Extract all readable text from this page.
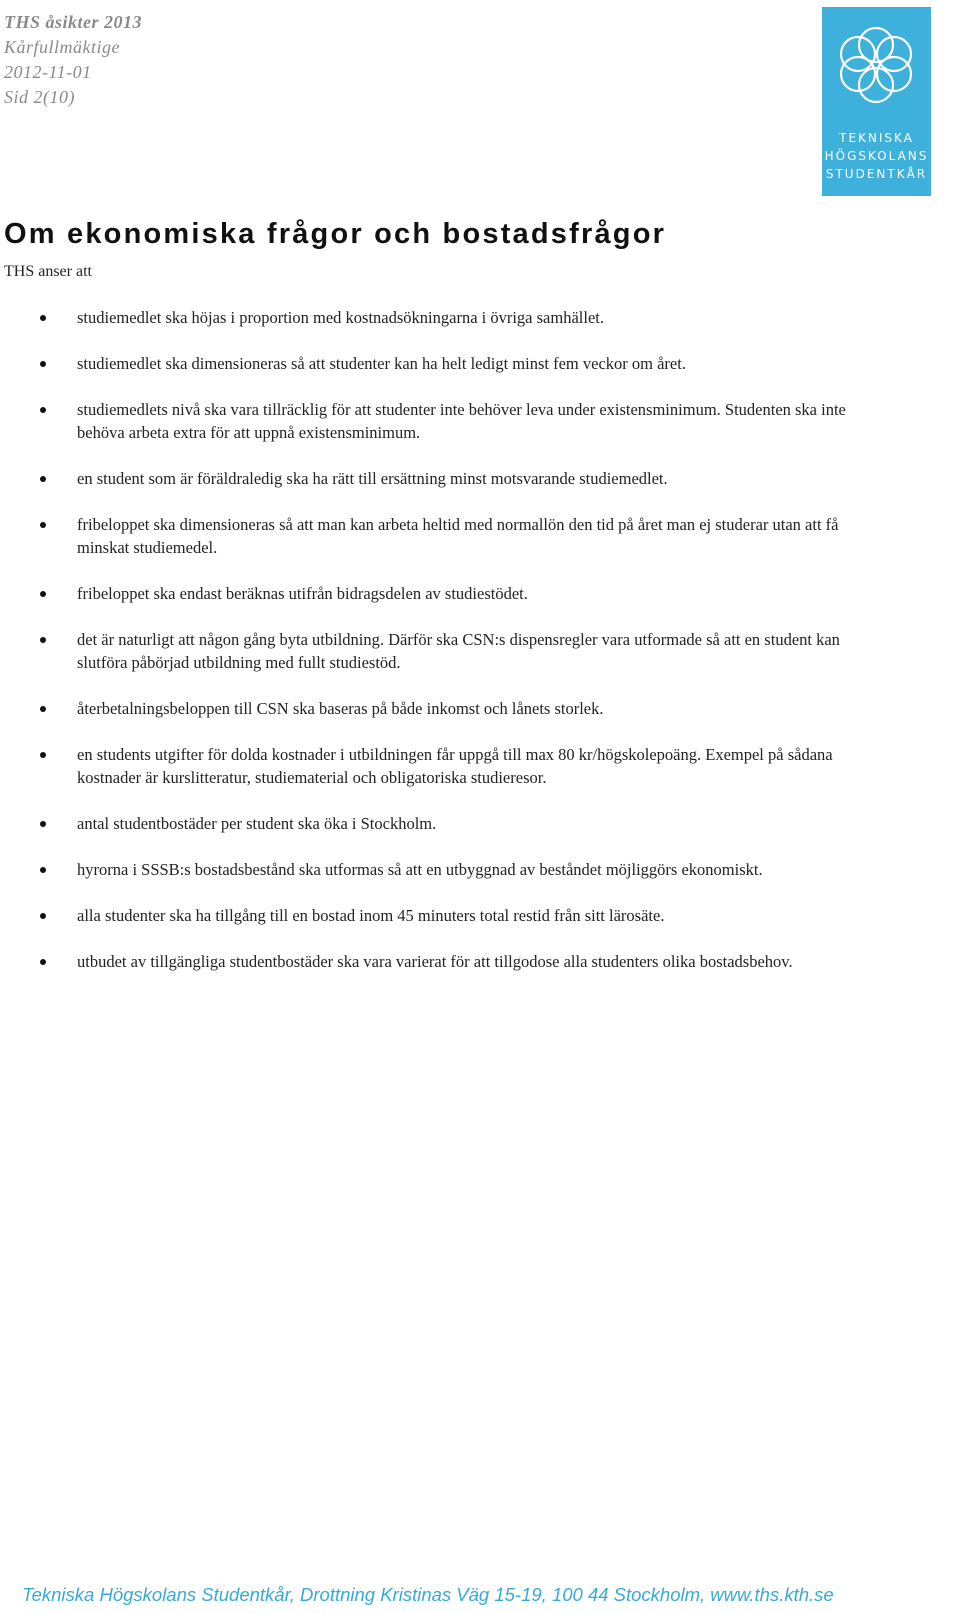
THS åsikter 2013
Kårfullmäktige
2012-11-01
Sid 2(10)
TEKNISKA
HÖGSKOLANS
STUDENTKÅR
Om ekonomiska frågor och bostadsfrågor
THS anser att
studiemedlet ska höjas i proportion med kostnadsökningarna i övriga samhället.
studiemedlet ska dimensioneras så att studenter kan ha helt ledigt minst fem veckor om året.
studiemedlets nivå ska vara tillräcklig för att studenter inte behöver leva under existensminimum. Studenten ska inte behöva arbeta extra för att uppnå existensminimum.
en student som är föräldraledig ska ha rätt till ersättning minst motsvarande studiemedlet.
fribeloppet ska dimensioneras så att man kan arbeta heltid med normallön den tid på året man ej studerar utan att få minskat studiemedel.
fribeloppet ska endast beräknas utifrån bidragsdelen av studiestödet.
det är naturligt att någon gång byta utbildning. Därför ska CSN:s dispensregler vara utformade så att en student kan slutföra påbörjad utbildning med fullt studiestöd.
återbetalningsbeloppen till CSN ska baseras på både inkomst och lånets storlek.
en students utgifter för dolda kostnader i utbildningen får uppgå till max 80 kr/högskolepoäng. Exempel på sådana kostnader är kurslitteratur, studiematerial och obligatoriska studieresor.
antal studentbostäder per student ska öka i Stockholm.
hyrorna i SSSB:s bostadsbestånd ska utformas så att en utbyggnad av beståndet möjliggörs ekonomiskt.
alla studenter ska ha tillgång till en bostad inom 45 minuters total restid från sitt lärosäte.
utbudet av tillgängliga studentbostäder ska vara varierat för att tillgodose alla studenters olika bostadsbehov.
Tekniska Högskolans Studentkår, Drottning Kristinas Väg 15-19, 100 44 Stockholm, www.ths.kth.se
